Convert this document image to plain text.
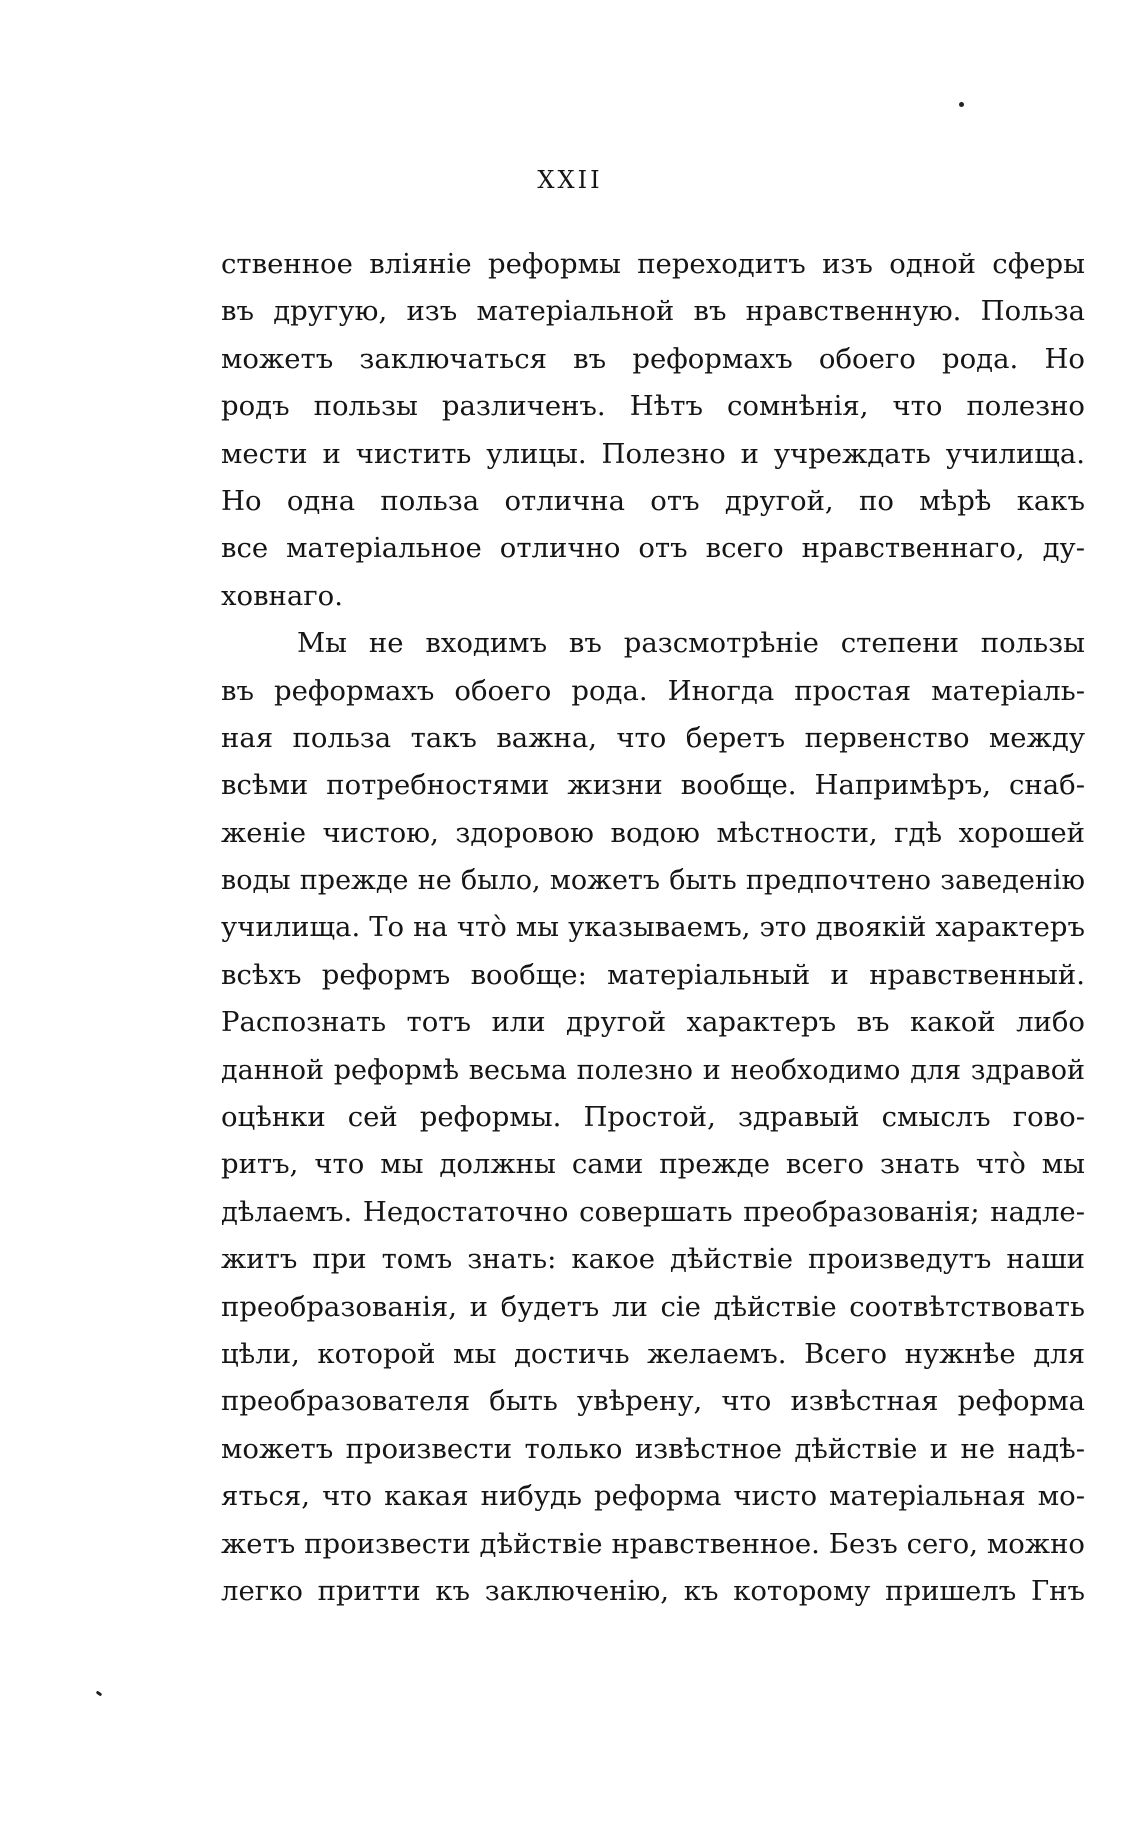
XXII
ственное вліяніе реформы переходитъ изъ одной сферы
въ другую, изъ матеріальной въ нравственную. Польза
можетъ заключаться въ реформахъ обоего рода. Но
родъ пользы различенъ. Нѣтъ сомнѣнія, что полезно
мести и чистить улицы. Полезно и учреждать училища.
Но одна польза отлична отъ другой, по мѣрѣ какъ
все матеріальное отлично отъ всего нравственнаго, ду-
ховнаго.
Мы не входимъ въ разсмотрѣніе степени пользы
въ реформахъ обоего рода. Иногда простая матеріаль-
ная польза такъ важна, что беретъ первенство между
всѣми потребностями жизни вообще. Напримѣръ, снаб-
женіе чистою, здоровою водою мѣстности, гдѣ хорошей
воды прежде не было, можетъ быть предпочтено заведенію
училища. То на что̀ мы указываемъ, это двоякій характеръ
всѣхъ реформъ вообще: матеріальный и нравственный.
Распознать тотъ или другой характеръ въ какой либо
данной реформѣ весьма полезно и необходимо для здравой
оцѣнки сей реформы. Простой, здравый смыслъ гово-
ритъ, что мы должны сами прежде всего знать что̀ мы
дѣлаемъ. Недостаточно совершать преобразованія; надле-
житъ при томъ знать: какое дѣйствіе произведутъ наши
преобразованія, и будетъ ли сіе дѣйствіе соотвѣтствовать
цѣли, которой мы достичь желаемъ. Всего нужнѣе для
преобразователя быть увѣрену, что извѣстная реформа
можетъ произвести только извѣстное дѣйствіе и не надѣ-
яться, что какая нибудь реформа чисто матеріальная мо-
жетъ произвести дѣйствіе нравственное. Безъ сего, можно
легко притти къ заключенію, къ которому пришелъ Гнъ
